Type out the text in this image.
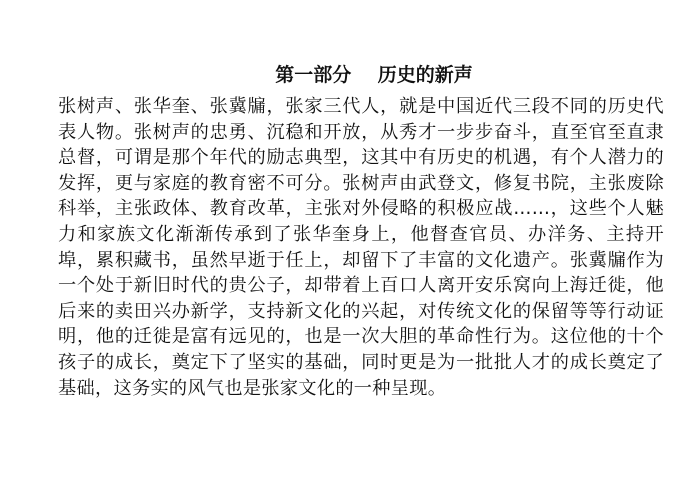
第一部分    历史的新声

张树声、张华奎、张冀牖，张家三代人，就是中国近代三段不同的历史代表人物。张树声的忠勇、沉稳和开放，从秀才一步步奋斗，直至官至直隶总督，可谓是那个年代的励志典型，这其中有历史的机遇，有个人潜力的发挥，更与家庭的教育密不可分。张树声由武登文，修复书院，主张废除科举，主张政体、教育改革，主张对外侵略的积极应战……，这些个人魅力和家族文化渐渐传承到了张华奎身上，他督查官员、办洋务、主持开埠，累积藏书，虽然早逝于任上，却留下了丰富的文化遗产。张冀牖作为一个处于新旧时代的贵公子，却带着上百口人离开安乐窝向上海迁徙，他后来的卖田兴办新学，支持新文化的兴起，对传统文化的保留等等行动证明，他的迁徙是富有远见的，也是一次大胆的革命性行为。这位他的十个孩子的成长，奠定下了坚实的基础，同时更是为一批批人才的成长奠定了基础，这务实的风气也是张家文化的一种呈现。
